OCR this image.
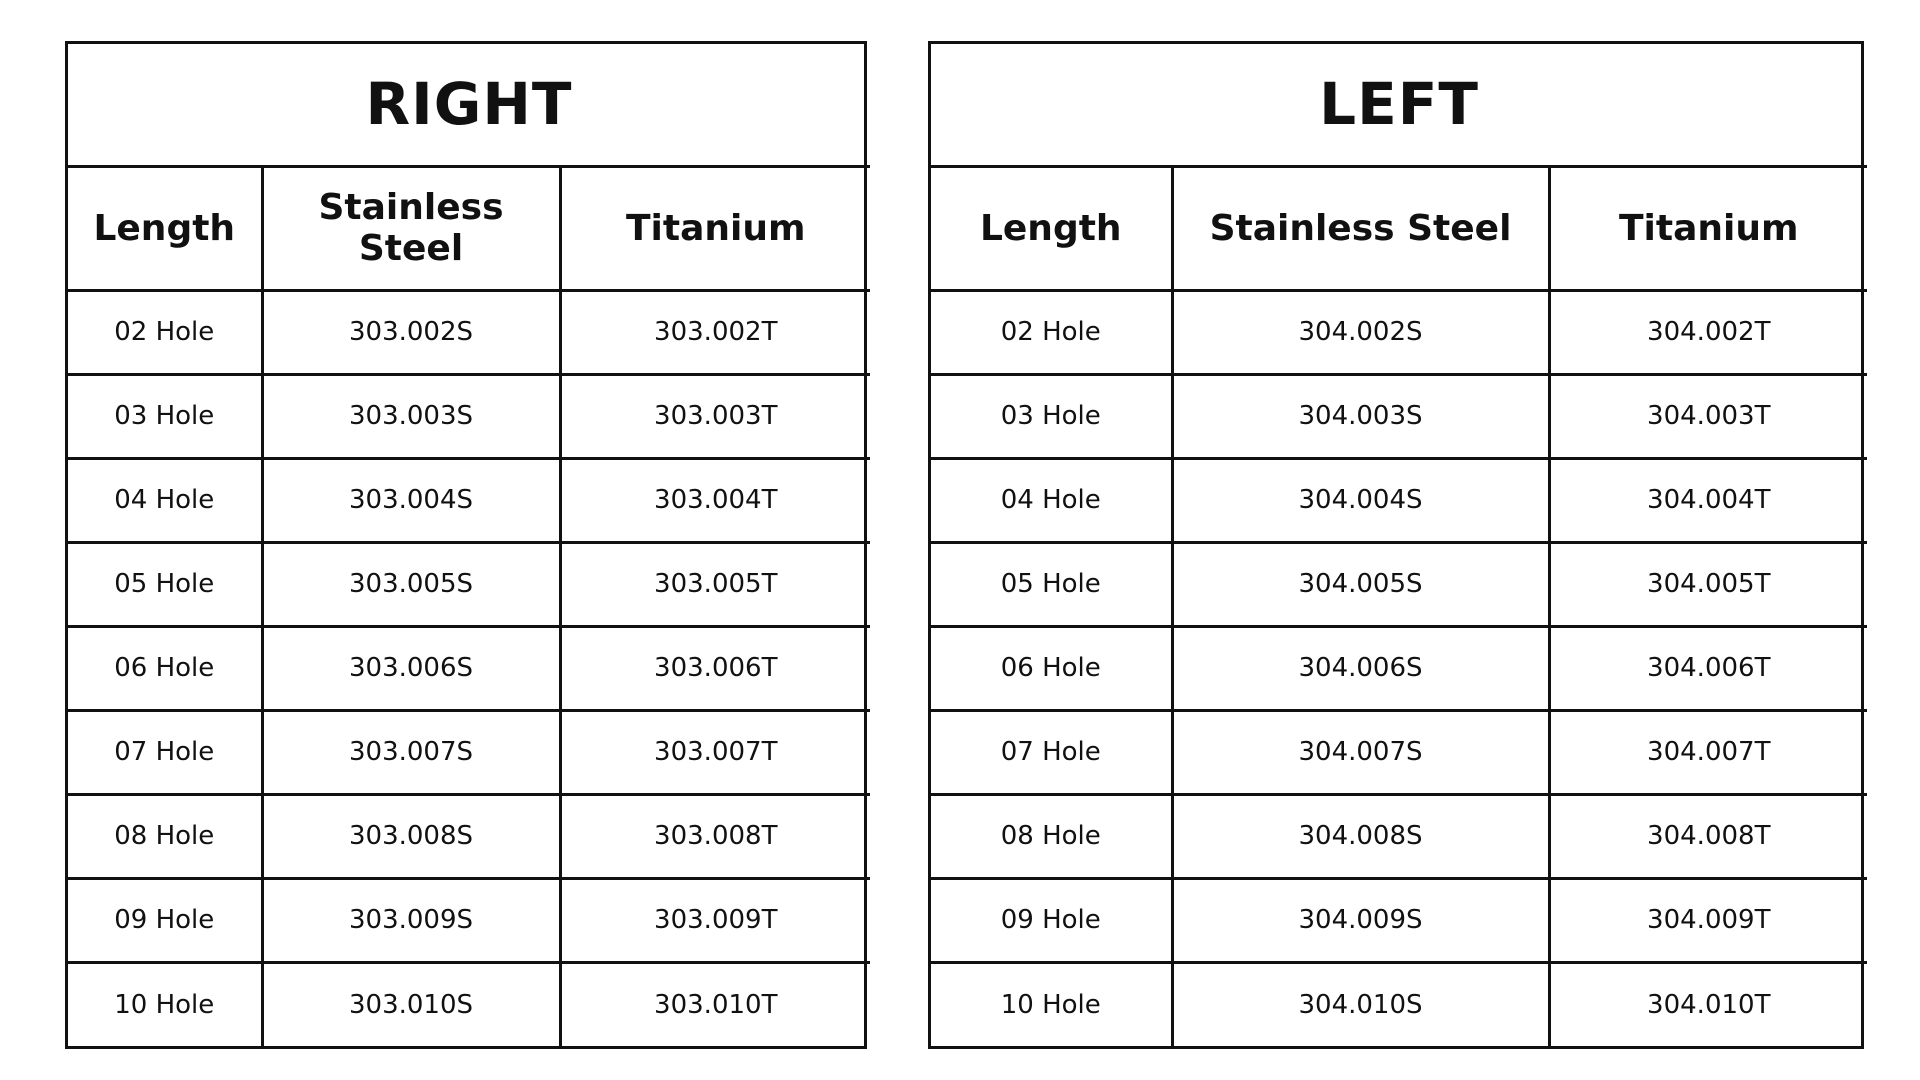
RIGHT		
Length	Stainless Steel	Titanium
02 Hole	303.002S	303.002T
03 Hole	303.003S	303.003T
04 Hole	303.004S	303.004T
05 Hole	303.005S	303.005T
06 Hole	303.006S	303.006T
07 Hole	303.007S	303.007T
08 Hole	303.008S	303.008T
09 Hole	303.009S	303.009T
10 Hole	303.010S	303.010T
LEFT		
Length	Stainless Steel	Titanium
02 Hole	304.002S	304.002T
03 Hole	304.003S	304.003T
04 Hole	304.004S	304.004T
05 Hole	304.005S	304.005T
06 Hole	304.006S	304.006T
07 Hole	304.007S	304.007T
08 Hole	304.008S	304.008T
09 Hole	304.009S	304.009T
10 Hole	304.010S	304.010T
